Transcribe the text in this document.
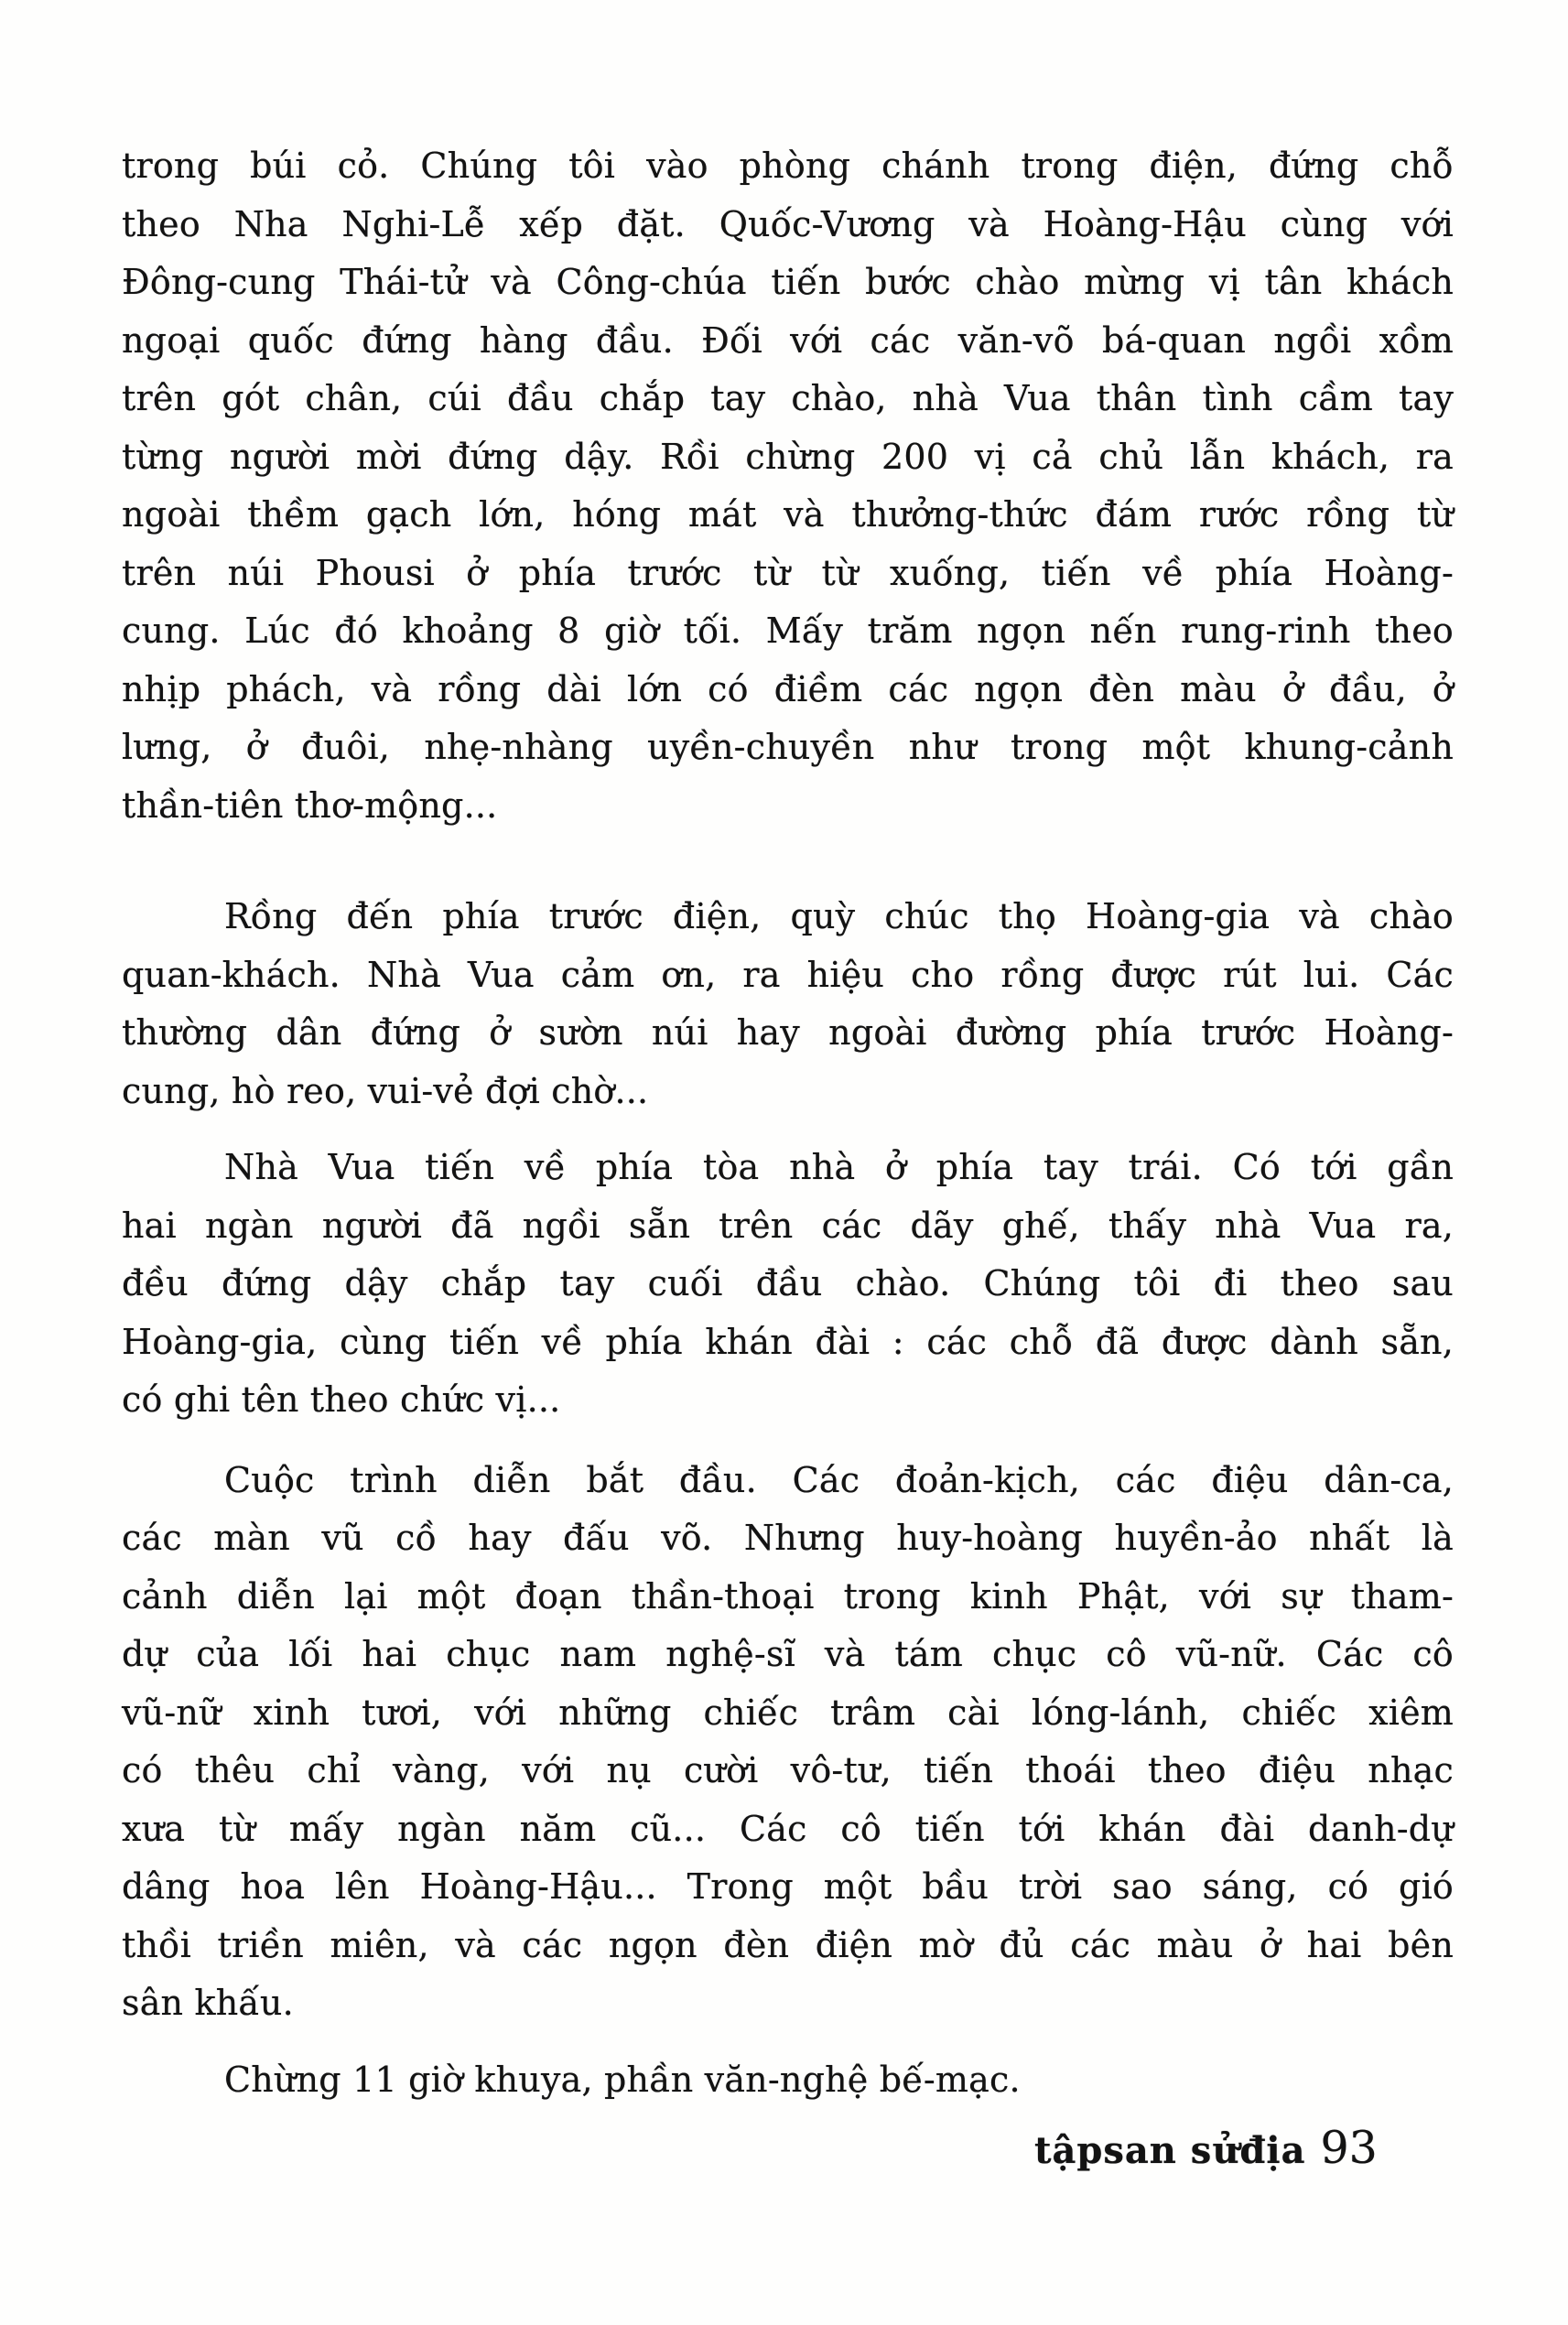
trong búi cỏ. Chúng tôi vào phòng chánh trong điện, đứng chỗ
theo Nha Nghi-Lễ xếp đặt. Quốc-Vương và Hoàng-Hậu cùng với
Đông-cung Thái-tử và Công-chúa tiến bước chào mừng vị tân khách
ngoại quốc đứng hàng đầu. Đối với các văn-võ bá-quan ngồi xồm
trên gót chân, cúi đầu chắp tay chào, nhà Vua thân tình cầm tay
từng người mời đứng dậy. Rồi chừng 200 vị cả chủ lẫn khách, ra
ngoài thềm gạch lớn, hóng mát và thưởng-thức đám rước rồng từ
trên núi Phousi ở phía trước từ từ xuống, tiến về phía Hoàng-
cung. Lúc đó khoảng 8 giờ tối. Mấy trăm ngọn nến rung-rinh theo
nhịp phách, và rồng dài lớn có điềm các ngọn đèn màu ở đầu, ở
lưng, ở đuôi, nhẹ-nhàng uyền-chuyền như trong một khung-cảnh
thần-tiên thơ-mộng...

Rồng đến phía trước điện, quỳ chúc thọ Hoàng-gia và chào
quan-khách. Nhà Vua cảm ơn, ra hiệu cho rồng được rút lui. Các
thường dân đứng ở sườn núi hay ngoài đường phía trước Hoàng-
cung, hò reo, vui-vẻ đợi chờ...

Nhà Vua tiến về phía tòa nhà ở phía tay trái. Có tới gần
hai ngàn người đã ngồi sẵn trên các dãy ghế, thấy nhà Vua ra,
đều đứng dậy chắp tay cuối đầu chào. Chúng tôi đi theo sau
Hoàng-gia, cùng tiến về phía khán đài : các chỗ đã được dành sẵn,
có ghi tên theo chức vị...

Cuộc trình diễn bắt đầu. Các đoản-kịch, các điệu dân-ca,
các màn vũ cồ hay đấu võ. Nhưng huy-hoàng huyền-ảo nhất là
cảnh diễn lại một đoạn thần-thoại trong kinh Phật, với sự tham-
dự của lối hai chục nam nghệ-sĩ và tám chục cô vũ-nữ. Các cô
vũ-nữ xinh tươi, với những chiếc trâm cài lóng-lánh, chiếc xiêm
có thêu chỉ vàng, với nụ cười vô-tư, tiến thoái theo điệu nhạc
xưa từ mấy ngàn năm cũ... Các cô tiến tới khán đài danh-dự
dâng hoa lên Hoàng-Hậu... Trong một bầu trời sao sáng, có gió
thồi triền miên, và các ngọn đèn điện mờ đủ các màu ở hai bên
sân khấu.

Chừng 11 giờ khuya, phần văn-nghệ bế-mạc.

tậpsan sửđịa 93
